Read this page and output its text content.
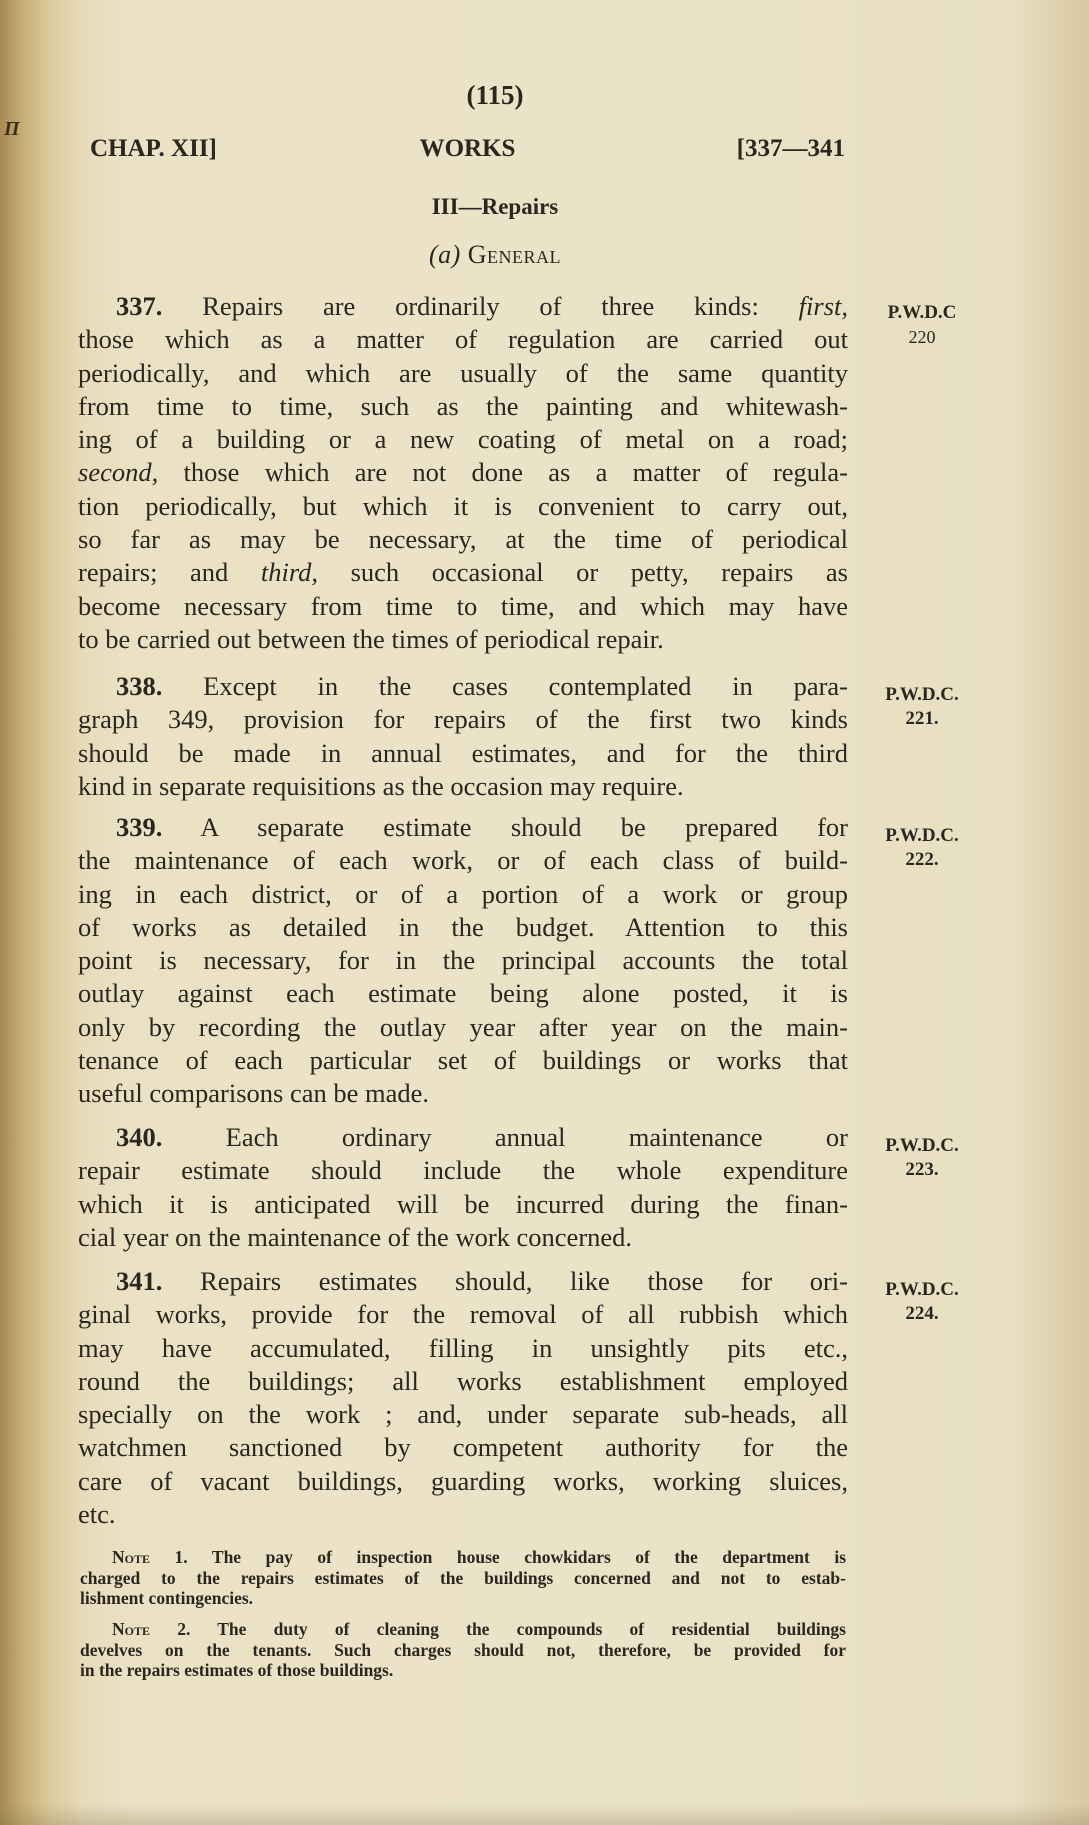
Π
(115)
CHAP. XII]	WORKS	[337—341
III—Repairs
(a) General
337. Repairs are ordinarily of three kinds: first,
those which as a matter of regulation are carried out
periodically, and which are usually of the same quantity
from time to time, such as the painting and whitewash-
ing of a building or a new coating of metal on a road;
second, those which are not done as a matter of regula-
tion periodically, but which it is convenient to carry out,
so far as may be necessary, at the time of periodical
repairs; and third, such occasional or petty, repairs as
become necessary from time to time, and which may have
to be carried out between the times of periodical repair.
P.W.D.C
220
338. Except in the cases contemplated in para-
graph 349, provision for repairs of the first two kinds
should be made in annual estimates, and for the third
kind in separate requisitions as the occasion may require.
P.W.D.C.
221.
339. A separate estimate should be prepared for
the maintenance of each work, or of each class of build-
ing in each district, or of a portion of a work or group
of works as detailed in the budget. Attention to this
point is necessary, for in the principal accounts the total
outlay against each estimate being alone posted, it is
only by recording the outlay year after year on the main-
tenance of each particular set of buildings or works that
useful comparisons can be made.
P.W.D.C.
222.
340. Each ordinary annual maintenance or
repair estimate should include the whole expenditure
which it is anticipated will be incurred during the finan-
cial year on the maintenance of the work concerned.
P.W.D.C.
223.
341. Repairs estimates should, like those for ori-
ginal works, provide for the removal of all rubbish which
may have accumulated, filling in unsightly pits etc.,
round the buildings; all works establishment employed
specially on the work ; and, under separate sub-heads, all
watchmen sanctioned by competent authority for the
care of vacant buildings, guarding works, working sluices,
etc.
P.W.D.C.
224.
Note 1. The pay of inspection house chowkidars of the department is
charged to the repairs estimates of the buildings concerned and not to estab-
lishment contingencies.
Note 2. The duty of cleaning the compounds of residential buildings
develves on the tenants. Such charges should not, therefore, be provided for
in the repairs estimates of those buildings.
